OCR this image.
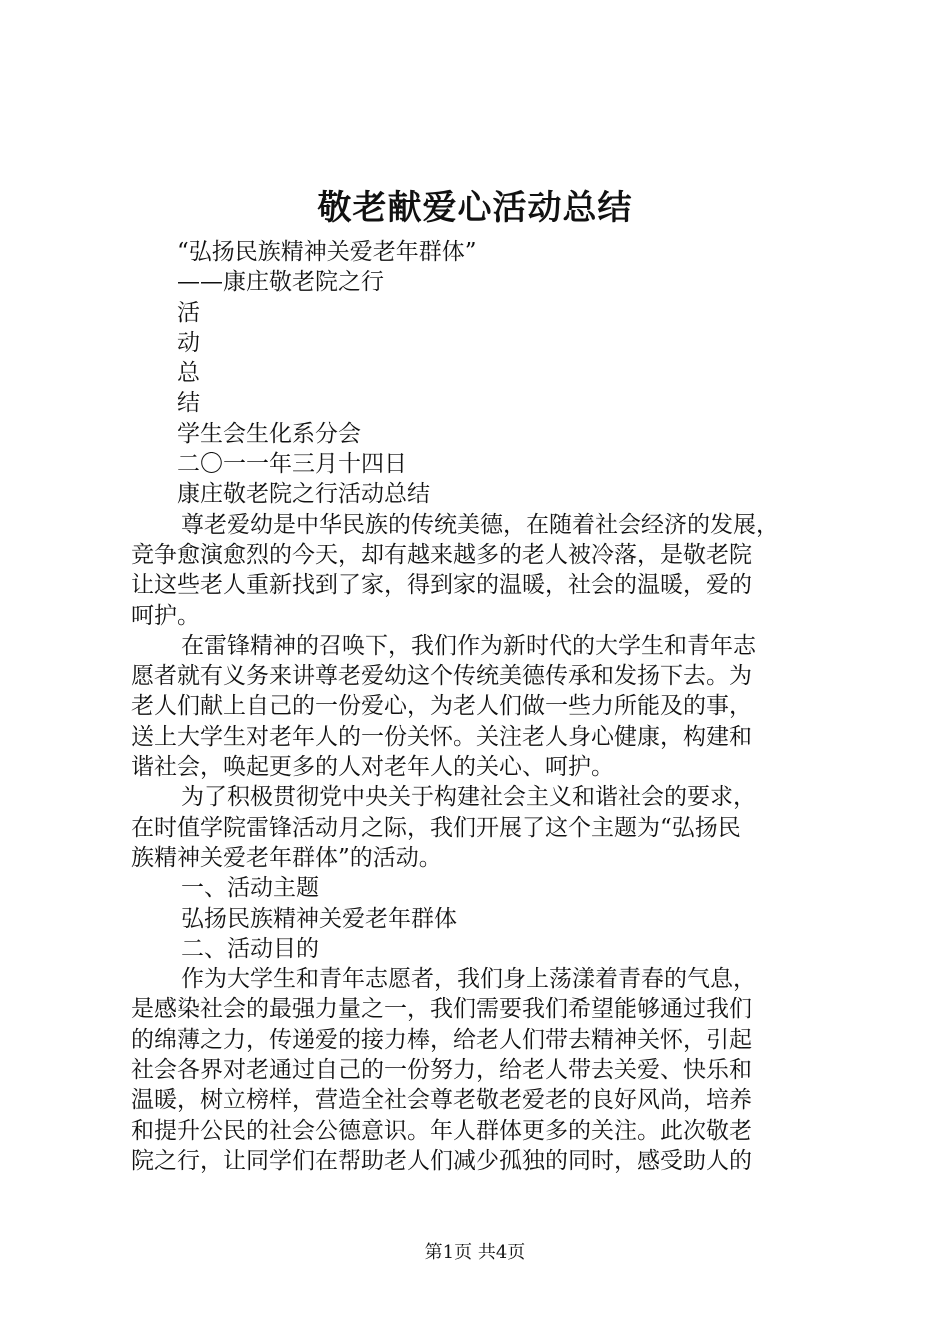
敬老献爱心活动总结
“弘扬民族精神关爱老年群体”
——康庄敬老院之行
活
动
总
结
学生会生化系分会
二〇一一年三月十四日
康庄敬老院之行活动总结
尊老爱幼是中华民族的传统美德，在随着社会经济的发展，
竞争愈演愈烈的今天，却有越来越多的老人被冷落，是敬老院
让这些老人重新找到了家，得到家的温暖，社会的温暖，爱的
呵护。
在雷锋精神的召唤下，我们作为新时代的大学生和青年志
愿者就有义务来讲尊老爱幼这个传统美德传承和发扬下去。为
老人们献上自己的一份爱心，为老人们做一些力所能及的事，
送上大学生对老年人的一份关怀。关注老人身心健康，构建和
谐社会，唤起更多的人对老年人的关心、呵护。
为了积极贯彻党中央关于构建社会主义和谐社会的要求，
在时值学院雷锋活动月之际，我们开展了这个主题为“弘扬民
族精神关爱老年群体”的活动。
一、活动主题
弘扬民族精神关爱老年群体
二、活动目的
作为大学生和青年志愿者，我们身上荡漾着青春的气息，
是感染社会的最强力量之一，我们需要我们希望能够通过我们
的绵薄之力，传递爱的接力棒，给老人们带去精神关怀，引起
社会各界对老通过自己的一份努力，给老人带去关爱、快乐和
温暖，树立榜样，营造全社会尊老敬老爱老的良好风尚，培养
和提升公民的社会公德意识。年人群体更多的关注。此次敬老
院之行，让同学们在帮助老人们减少孤独的同时，感受助人的
第1页 共4页
